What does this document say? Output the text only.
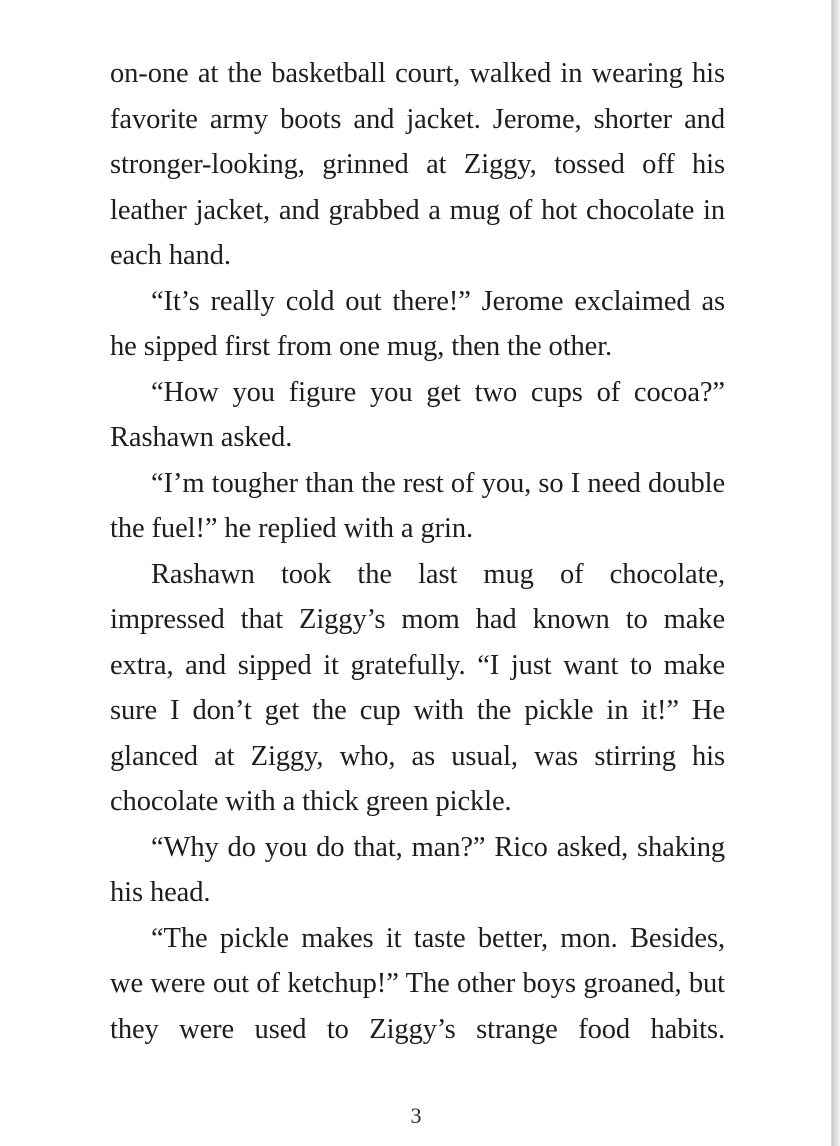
on-one at the basketball court, walked in wearing his favorite army boots and jacket. Jerome, shorter and stronger-looking, grinned at Ziggy, tossed off his leather jacket, and grabbed a mug of hot chocolate in each hand.

“It’s really cold out there!” Jerome exclaimed as he sipped first from one mug, then the other.

“How you figure you get two cups of cocoa?” Rashawn asked.

“I’m tougher than the rest of you, so I need double the fuel!” he replied with a grin.

Rashawn took the last mug of chocolate, impressed that Ziggy’s mom had known to make extra, and sipped it gratefully. “I just want to make sure I don’t get the cup with the pickle in it!” He glanced at Ziggy, who, as usual, was stirring his chocolate with a thick green pickle.

“Why do you do that, man?” Rico asked, shaking his head.

“The pickle makes it taste better, mon. Besides, we were out of ketchup!” The other boys groaned, but they were used to Ziggy’s strange food habits.

3
